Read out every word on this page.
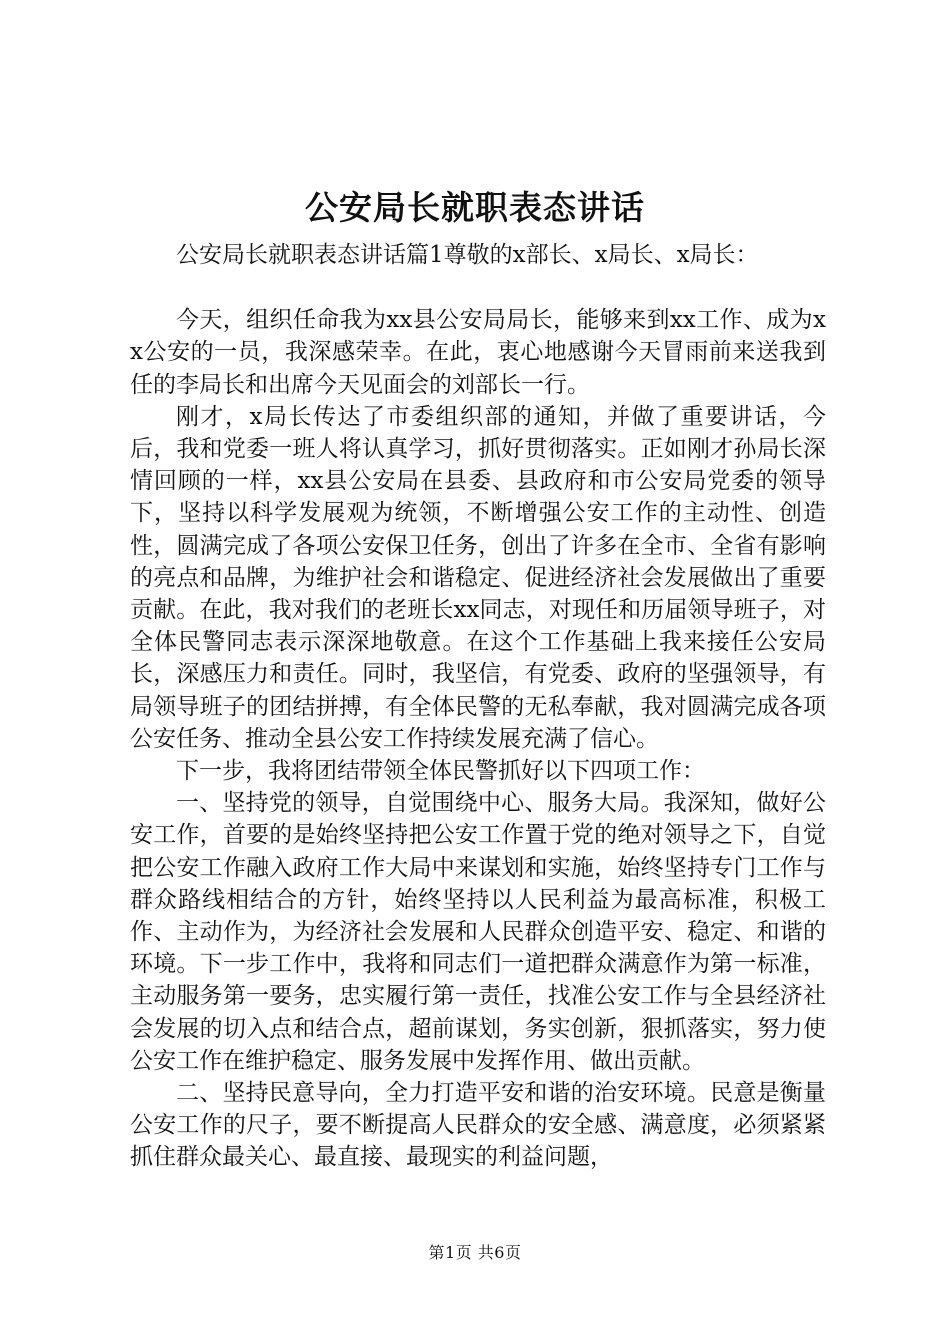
公安局长就职表态讲话

公安局长就职表态讲话篇1尊敬的x部长、x局长、x局长：

今天，组织任命我为xx县公安局局长，能够来到xx工作、成为xx公安的一员，我深感荣幸。在此，衷心地感谢今天冒雨前来送我到任的李局长和出席今天见面会的刘部长一行。

刚才，x局长传达了市委组织部的通知，并做了重要讲话，今后，我和党委一班人将认真学习，抓好贯彻落实。正如刚才孙局长深情回顾的一样，xx县公安局在县委、县政府和市公安局党委的领导下，坚持以科学发展观为统领，不断增强公安工作的主动性、创造性，圆满完成了各项公安保卫任务，创出了许多在全市、全省有影响的亮点和品牌，为维护社会和谐稳定、促进经济社会发展做出了重要贡献。在此，我对我们的老班长xx同志，对现任和历届领导班子，对全体民警同志表示深深地敬意。在这个工作基础上我来接任公安局长，深感压力和责任。同时，我坚信，有党委、政府的坚强领导，有局领导班子的团结拼搏，有全体民警的无私奉献，我对圆满完成各项公安任务、推动全县公安工作持续发展充满了信心。

下一步，我将团结带领全体民警抓好以下四项工作：

一、坚持党的领导，自觉围绕中心、服务大局。我深知，做好公安工作，首要的是始终坚持把公安工作置于党的绝对领导之下，自觉把公安工作融入政府工作大局中来谋划和实施，始终坚持专门工作与群众路线相结合的方针，始终坚持以人民利益为最高标准，积极工作、主动作为，为经济社会发展和人民群众创造平安、稳定、和谐的环境。下一步工作中，我将和同志们一道把群众满意作为第一标准，主动服务第一要务，忠实履行第一责任，找准公安工作与全县经济社会发展的切入点和结合点，超前谋划，务实创新，狠抓落实，努力使公安工作在维护稳定、服务发展中发挥作用、做出贡献。

二、坚持民意导向，全力打造平安和谐的治安环境。民意是衡量公安工作的尺子，要不断提高人民群众的安全感、满意度，必须紧紧抓住群众最关心、最直接、最现实的利益问题，

第1页 共6页
